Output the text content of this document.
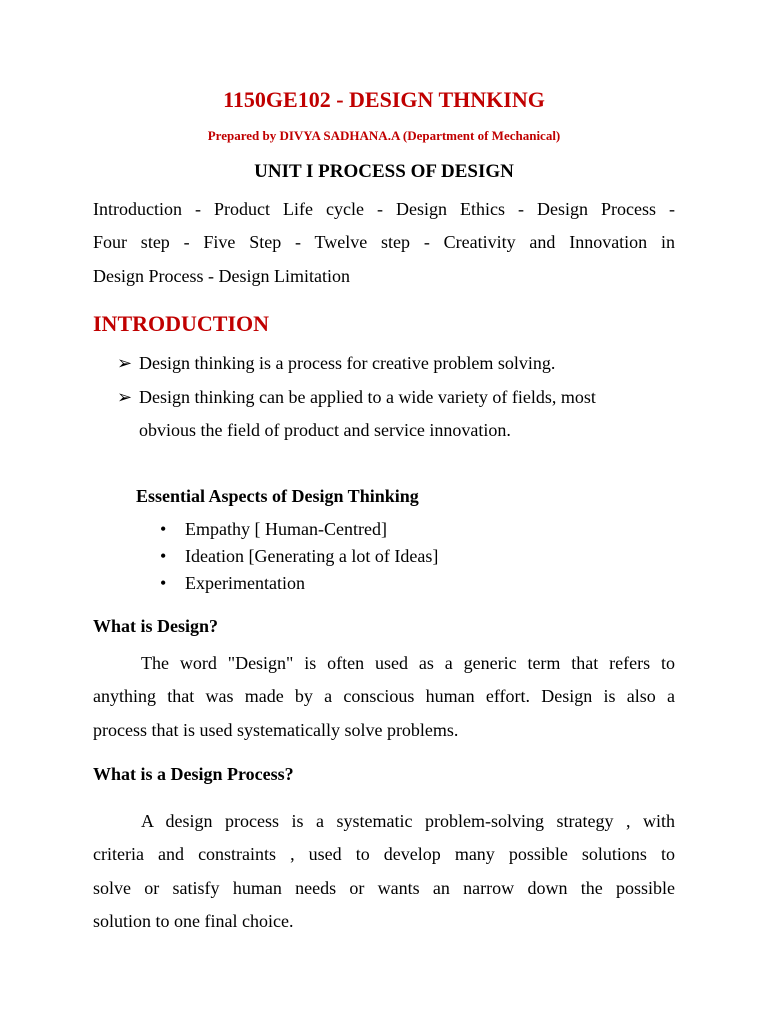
1150GE102 - DESIGN THNKING
Prepared by DIVYA SADHANA.A (Department of Mechanical)
UNIT I PROCESS OF DESIGN
Introduction - Product Life cycle - Design Ethics - Design Process -
Four step - Five Step - Twelve step - Creativity and Innovation in
Design Process - Design Limitation
INTRODUCTION
➢ Design thinking is a process for creative problem solving.
➢ Design thinking can be applied to a wide variety of fields, most
obvious the field of product and service innovation.
Essential Aspects of Design Thinking
• Empathy [ Human-Centred]
• Ideation [Generating a lot of Ideas]
• Experimentation
What is Design?
The word "Design" is often used as a generic term that refers to
anything that was made by a conscious human effort. Design is also a
process that is used systematically solve problems.
What is a Design Process?
A design process is a systematic problem-solving strategy , with
criteria and constraints , used to develop many possible solutions to
solve or satisfy human needs or wants an narrow down the possible
solution to one final choice.
